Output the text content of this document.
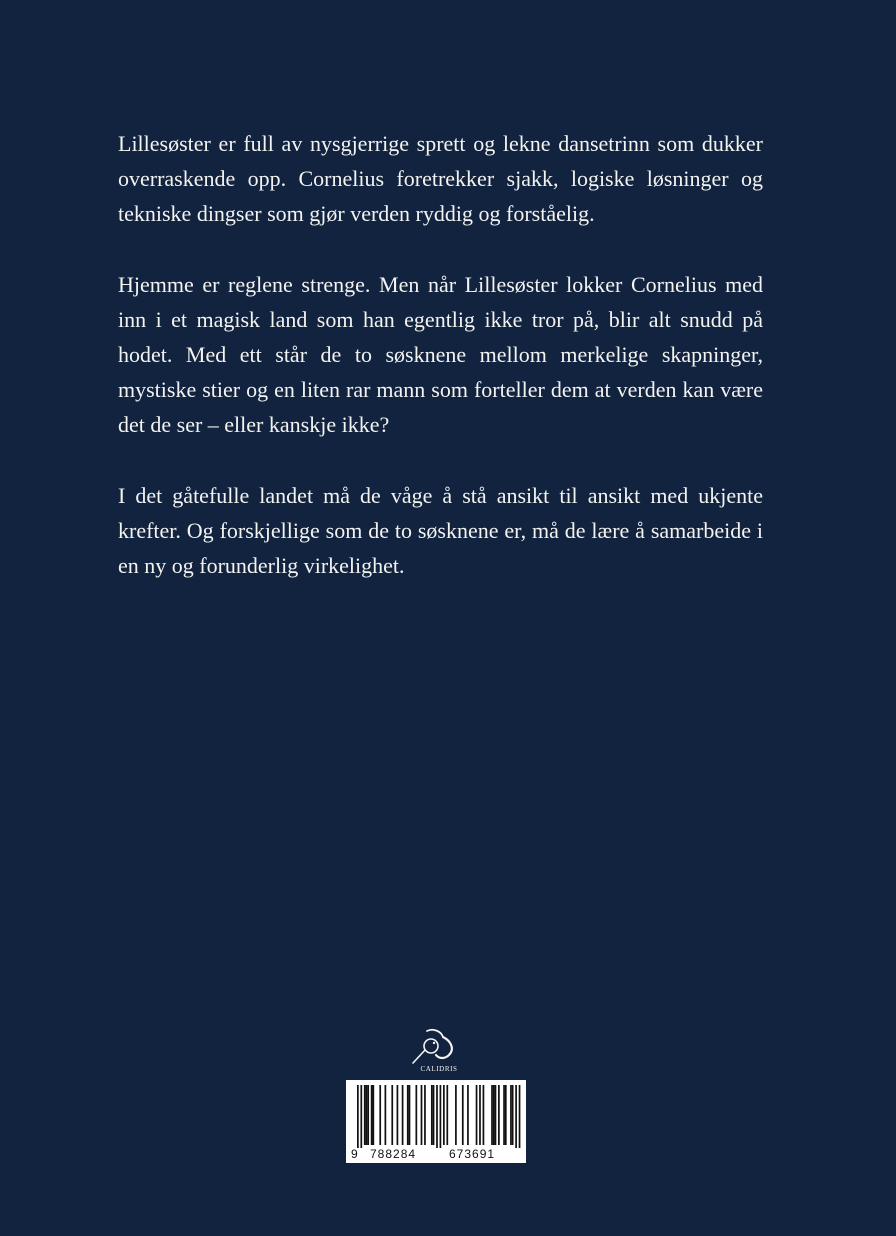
Lillesøster er full av nysgjerrige sprett og lekne dansetrinn som dukker overraskende opp. Cornelius foretrekker sjakk, logiske løsninger og tekniske dingser som gjør verden ryddig og forståelig.

Hjemme er reglene strenge. Men når Lillesøster lokker Cornelius med inn i et magisk land som han egentlig ikke tror på, blir alt snudd på hodet. Med ett står de to søsknene mellom merkelige skapninger, mystiske stier og en liten rar mann som forteller dem at verden kan være det de ser – eller kanskje ikke?

I det gåtefulle landet må de våge å stå ansikt til ansikt med ukjente krefter. Og forskjellige som de to søsknene er, må de lære å samarbeide i en ny og forunderlig virkelighet.

CALIDRIS
9 788284	673691
